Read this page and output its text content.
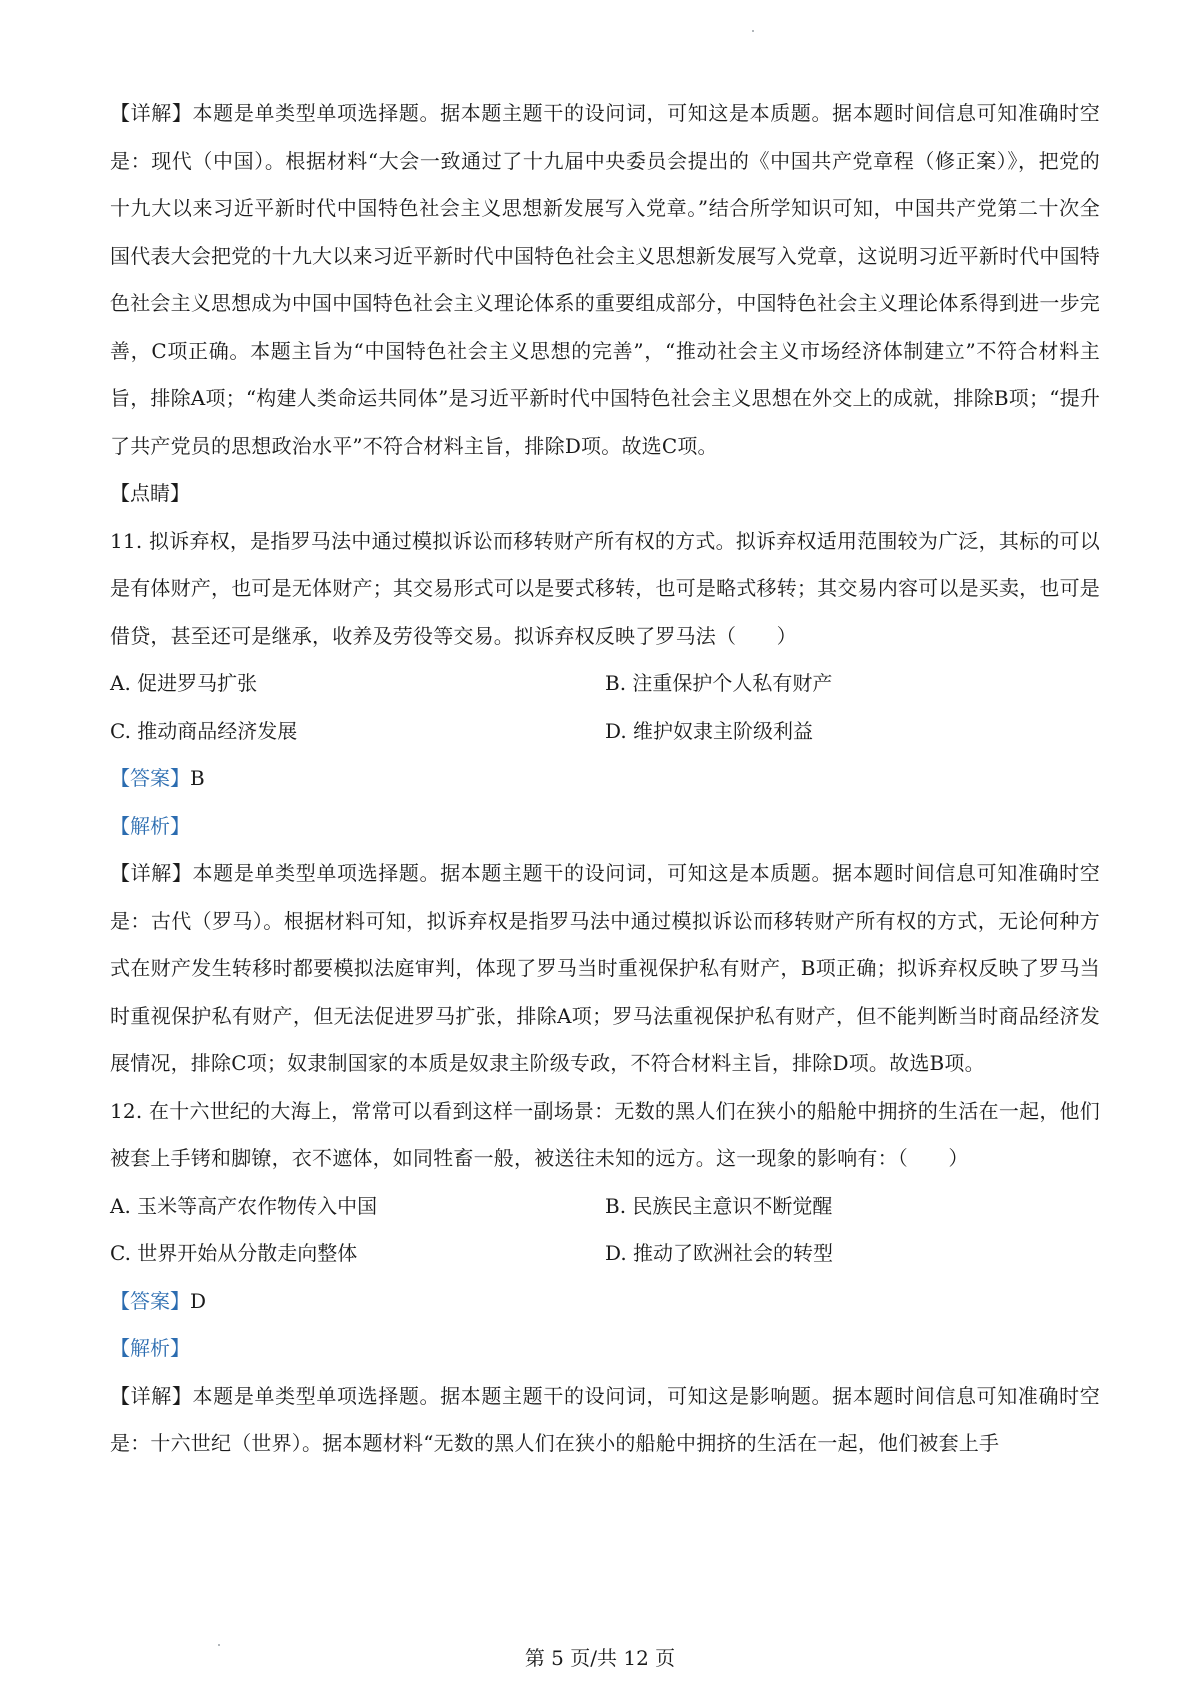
【详解】本题是单类型单项选择题。据本题主题干的设问词，可知这是本质题。据本题时间信息可知准确时空是：现代（中国）。根据材料“大会一致通过了十九届中央委员会提出的《中国共产党章程（修正案）》，把党的十九大以来习近平新时代中国特色社会主义思想新发展写入党章。”结合所学知识可知，中国共产党第二十次全国代表大会把党的十九大以来习近平新时代中国特色社会主义思想新发展写入党章，这说明习近平新时代中国特色社会主义思想成为中国中国特色社会主义理论体系的重要组成部分，中国特色社会主义理论体系得到进一步完善，C项正确。本题主旨为“中国特色社会主义思想的完善”，“推动社会主义市场经济体制建立”不符合材料主旨，排除A项；“构建人类命运共同体”是习近平新时代中国特色社会主义思想在外交上的成就，排除B项；“提升了共产党员的思想政治水平”不符合材料主旨，排除D项。故选C项。

【点睛】

11. 拟诉弃权，是指罗马法中通过模拟诉讼而移转财产所有权的方式。拟诉弃权适用范围较为广泛，其标的可以是有体财产，也可是无体财产；其交易形式可以是要式移转，也可是略式移转；其交易内容可以是买卖，也可是借贷，甚至还可是继承，收养及劳役等交易。拟诉弃权反映了罗马法（　　）

A. 促进罗马扩张	B. 注重保护个人私有财产
C. 推动商品经济发展	D. 维护奴隶主阶级利益
【答案】B
【解析】

【详解】本题是单类型单项选择题。据本题主题干的设问词，可知这是本质题。据本题时间信息可知准确时空是：古代（罗马）。根据材料可知，拟诉弃权是指罗马法中通过模拟诉讼而移转财产所有权的方式，无论何种方式在财产发生转移时都要模拟法庭审判，体现了罗马当时重视保护私有财产，B项正确；拟诉弃权反映了罗马当时重视保护私有财产，但无法促进罗马扩张，排除A项；罗马法重视保护私有财产，但不能判断当时商品经济发展情况，排除C项；奴隶制国家的本质是奴隶主阶级专政，不符合材料主旨，排除D项。故选B项。

12. 在十六世纪的大海上，常常可以看到这样一副场景：无数的黑人们在狭小的船舱中拥挤的生活在一起，他们被套上手铐和脚镣，衣不遮体，如同牲畜一般，被送往未知的远方。这一现象的影响有：（　　）

A. 玉米等高产农作物传入中国	B. 民族民主意识不断觉醒
C. 世界开始从分散走向整体	D. 推动了欧洲社会的转型
【答案】D
【解析】

【详解】本题是单类型单项选择题。据本题主题干的设问词，可知这是影响题。据本题时间信息可知准确时空是：十六世纪（世界）。据本题材料“无数的黑人们在狭小的船舱中拥挤的生活在一起，他们被套上手

第 5 页/共 12 页
